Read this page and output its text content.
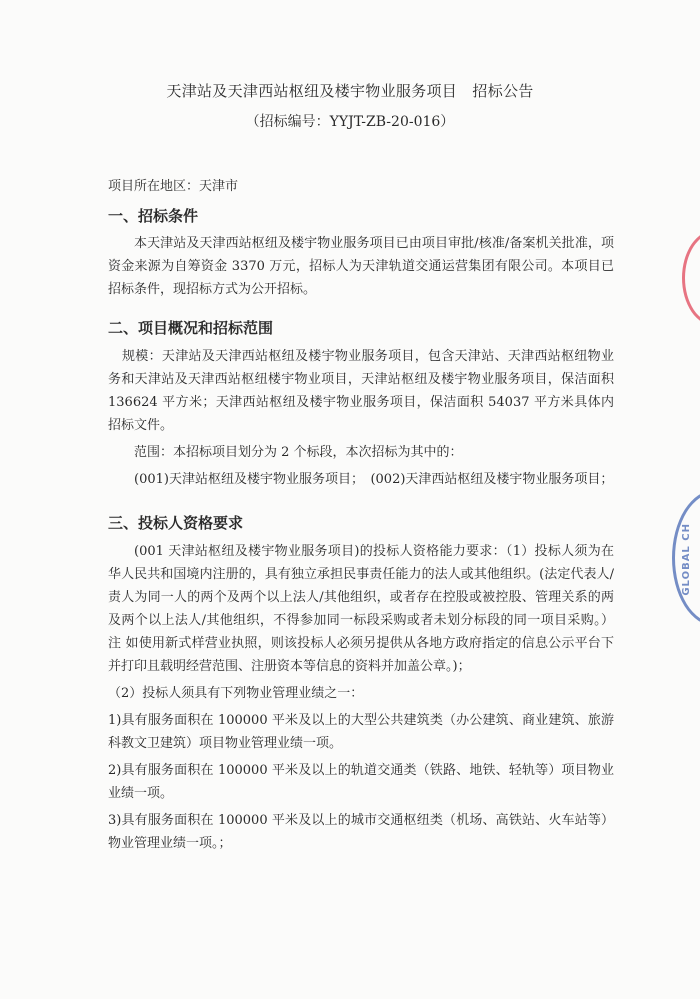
天津站及天津西站枢纽及楼宇物业服务项目　招标公告
（招标编号：YYJT-ZB-20-016）
项目所在地区：天津市
一、招标条件
本天津站及天津西站枢纽及楼宇物业服务项目已由项目审批/核准/备案机关批准，项
资金来源为自筹资金 3370 万元，招标人为天津轨道交通运营集团有限公司。本项目已
招标条件，现招标方式为公开招标。
二、项目概况和招标范围
规模：天津站及天津西站枢纽及楼宇物业服务项目，包含天津站、天津西站枢纽物业
务和天津站及天津西站枢纽楼宇物业项目，天津站枢纽及楼宇物业服务项目，保洁面积
136624 平方米；天津西站枢纽及楼宇物业服务项目，保洁面积 54037 平方米具体内
招标文件。
范围：本招标项目划分为 2 个标段，本次招标为其中的：
(001)天津站枢纽及楼宇物业服务项目；　(002)天津西站枢纽及楼宇物业服务项目；
三、投标人资格要求
(001 天津站枢纽及楼宇物业服务项目)的投标人资格能力要求：（1）投标人须为在
华人民共和国境内注册的，具有独立承担民事责任能力的法人或其他组织。(法定代表人/
责人为同一人的两个及两个以上法人/其他组织，或者存在控股或被控股、管理关系的两
及两个以上法人/其他组织，不得参加同一标段采购或者未划分标段的同一项目采购。）
注 如使用新式样营业执照，则该投标人必须另提供从各地方政府指定的信息公示平台下
并打印且载明经营范围、注册资本等信息的资料并加盖公章。)；
（2）投标人须具有下列物业管理业绩之一：
1)具有服务面积在 100000 平米及以上的大型公共建筑类（办公建筑、商业建筑、旅游
科教文卫建筑）项目物业管理业绩一项。
2)具有服务面积在 100000 平米及以上的轨道交通类（铁路、地铁、轻轨等）项目物业
业绩一项。
3)具有服务面积在 100000 平米及以上的城市交通枢纽类（机场、高铁站、火车站等）
物业管理业绩一项。；
GLOBAL CH
